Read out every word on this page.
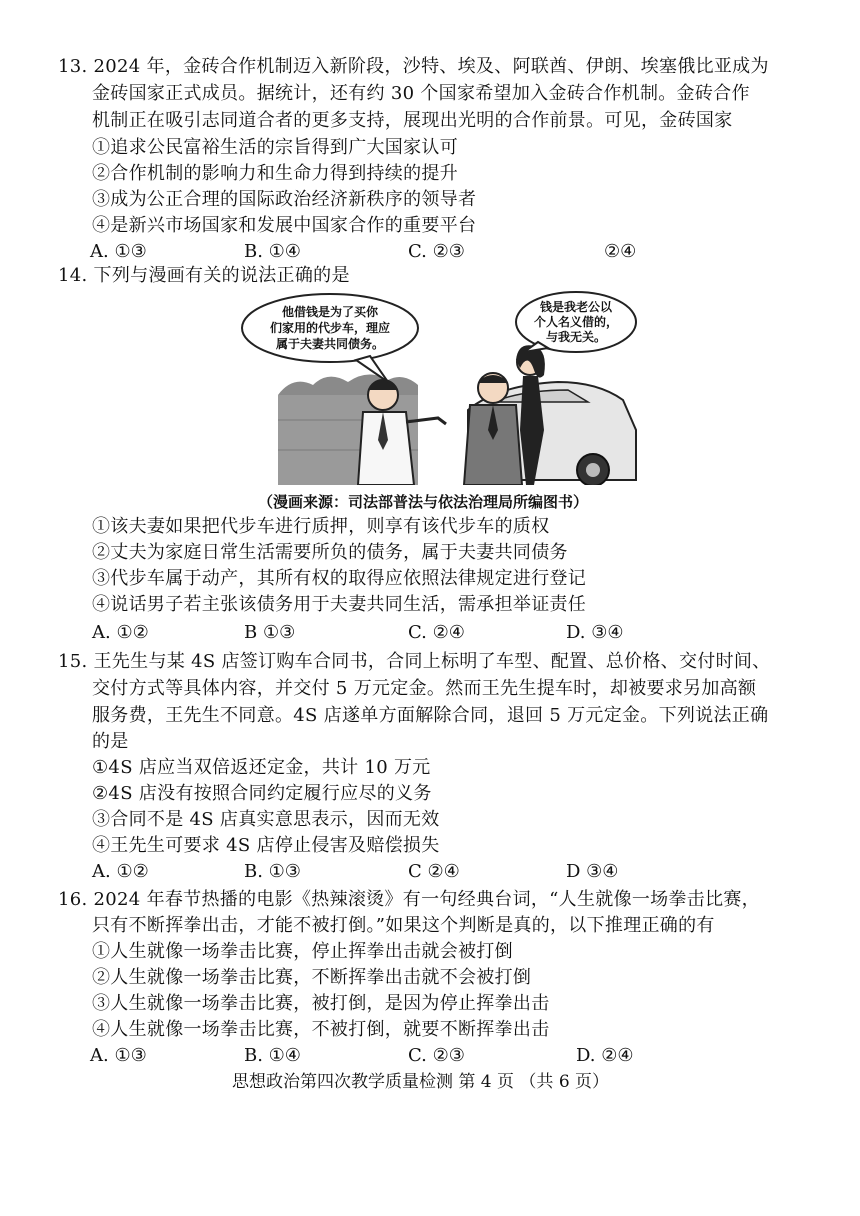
13. 2024 年，金砖合作机制迈入新阶段，沙特、埃及、阿联酋、伊朗、埃塞俄比亚成为
金砖国家正式成员。据统计，还有约 30 个国家希望加入金砖合作机制。金砖合作
机制正在吸引志同道合者的更多支持，展现出光明的合作前景。可见，金砖国家
①追求公民富裕生活的宗旨得到广大国家认可
②合作机制的影响力和生命力得到持续的提升
③成为公正合理的国际政治经济新秩序的领导者
④是新兴市场国家和发展中国家合作的重要平台
A. ①③	B. ①④	C. ②③	②④
14. 下列与漫画有关的说法正确的是
他借钱是为了买你
们家用的代步车，理应
属于夫妻共同债务。
钱是我老公以
个人名义借的，
与我无关。
（漫画来源：司法部普法与依法治理局所编图书）
①该夫妻如果把代步车进行质押，则享有该代步车的质权
②丈夫为家庭日常生活需要所负的债务，属于夫妻共同债务
③代步车属于动产，其所有权的取得应依照法律规定进行登记
④说话男子若主张该债务用于夫妻共同生活，需承担举证责任
A. ①②	B ①③	C. ②④	D. ③④
15. 王先生与某 4S 店签订购车合同书，合同上标明了车型、配置、总价格、交付时间、
交付方式等具体内容，并交付 5 万元定金。然而王先生提车时，却被要求另加高额
服务费，王先生不同意。4S 店遂单方面解除合同，退回 5 万元定金。下列说法正确
的是
①4S 店应当双倍返还定金，共计 10 万元
②4S 店没有按照合同约定履行应尽的义务
③合同不是 4S 店真实意思表示，因而无效
④王先生可要求 4S 店停止侵害及赔偿损失
A. ①②	B. ①③	C ②④	D ③④
16. 2024 年春节热播的电影《热辣滚烫》有一句经典台词，“人生就像一场拳击比赛，
只有不断挥拳出击，才能不被打倒。”如果这个判断是真的，以下推理正确的有
①人生就像一场拳击比赛，停止挥拳出击就会被打倒
②人生就像一场拳击比赛，不断挥拳出击就不会被打倒
③人生就像一场拳击比赛，被打倒，是因为停止挥拳出击
④人生就像一场拳击比赛，不被打倒，就要不断挥拳出击
A. ①③	B. ①④	C. ②③	D. ②④
思想政治第四次教学质量检测 第 4 页 （共 6 页）
